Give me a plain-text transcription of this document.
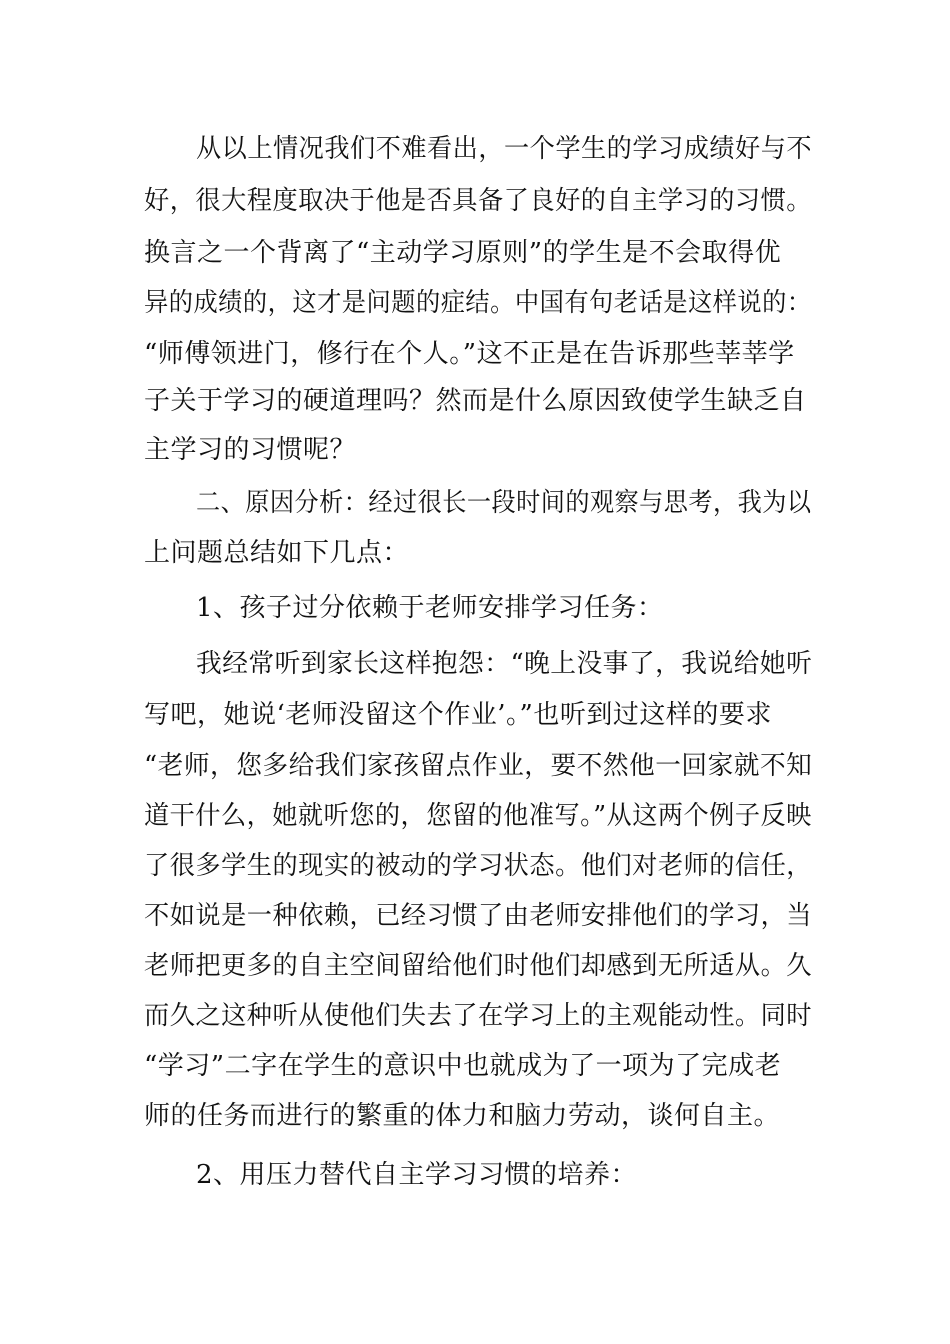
从以上情况我们不难看出，一个学生的学习成绩好与不
好，很大程度取决于他是否具备了良好的自主学习的习惯。
换言之一个背离了“主动学习原则”的学生是不会取得优
异的成绩的，这才是问题的症结。中国有句老话是这样说的：
“师傅领进门，修行在个人。”这不正是在告诉那些莘莘学
子关于学习的硬道理吗？然而是什么原因致使学生缺乏自
主学习的习惯呢？
二、原因分析：经过很长一段时间的观察与思考，我为以
上问题总结如下几点：
1、孩子过分依赖于老师安排学习任务：
我经常听到家长这样抱怨：“晚上没事了，我说给她听
写吧，她说‘老师没留这个作业’。”也听到过这样的要求
“老师，您多给我们家孩留点作业，要不然他一回家就不知
道干什么，她就听您的，您留的他准写。”从这两个例子反映
了很多学生的现实的被动的学习状态。他们对老师的信任，
不如说是一种依赖，已经习惯了由老师安排他们的学习，当
老师把更多的自主空间留给他们时他们却感到无所适从。久
而久之这种听从使他们失去了在学习上的主观能动性。同时
“学习”二字在学生的意识中也就成为了一项为了完成老
师的任务而进行的繁重的体力和脑力劳动，谈何自主。
2、用压力替代自主学习习惯的培养：
